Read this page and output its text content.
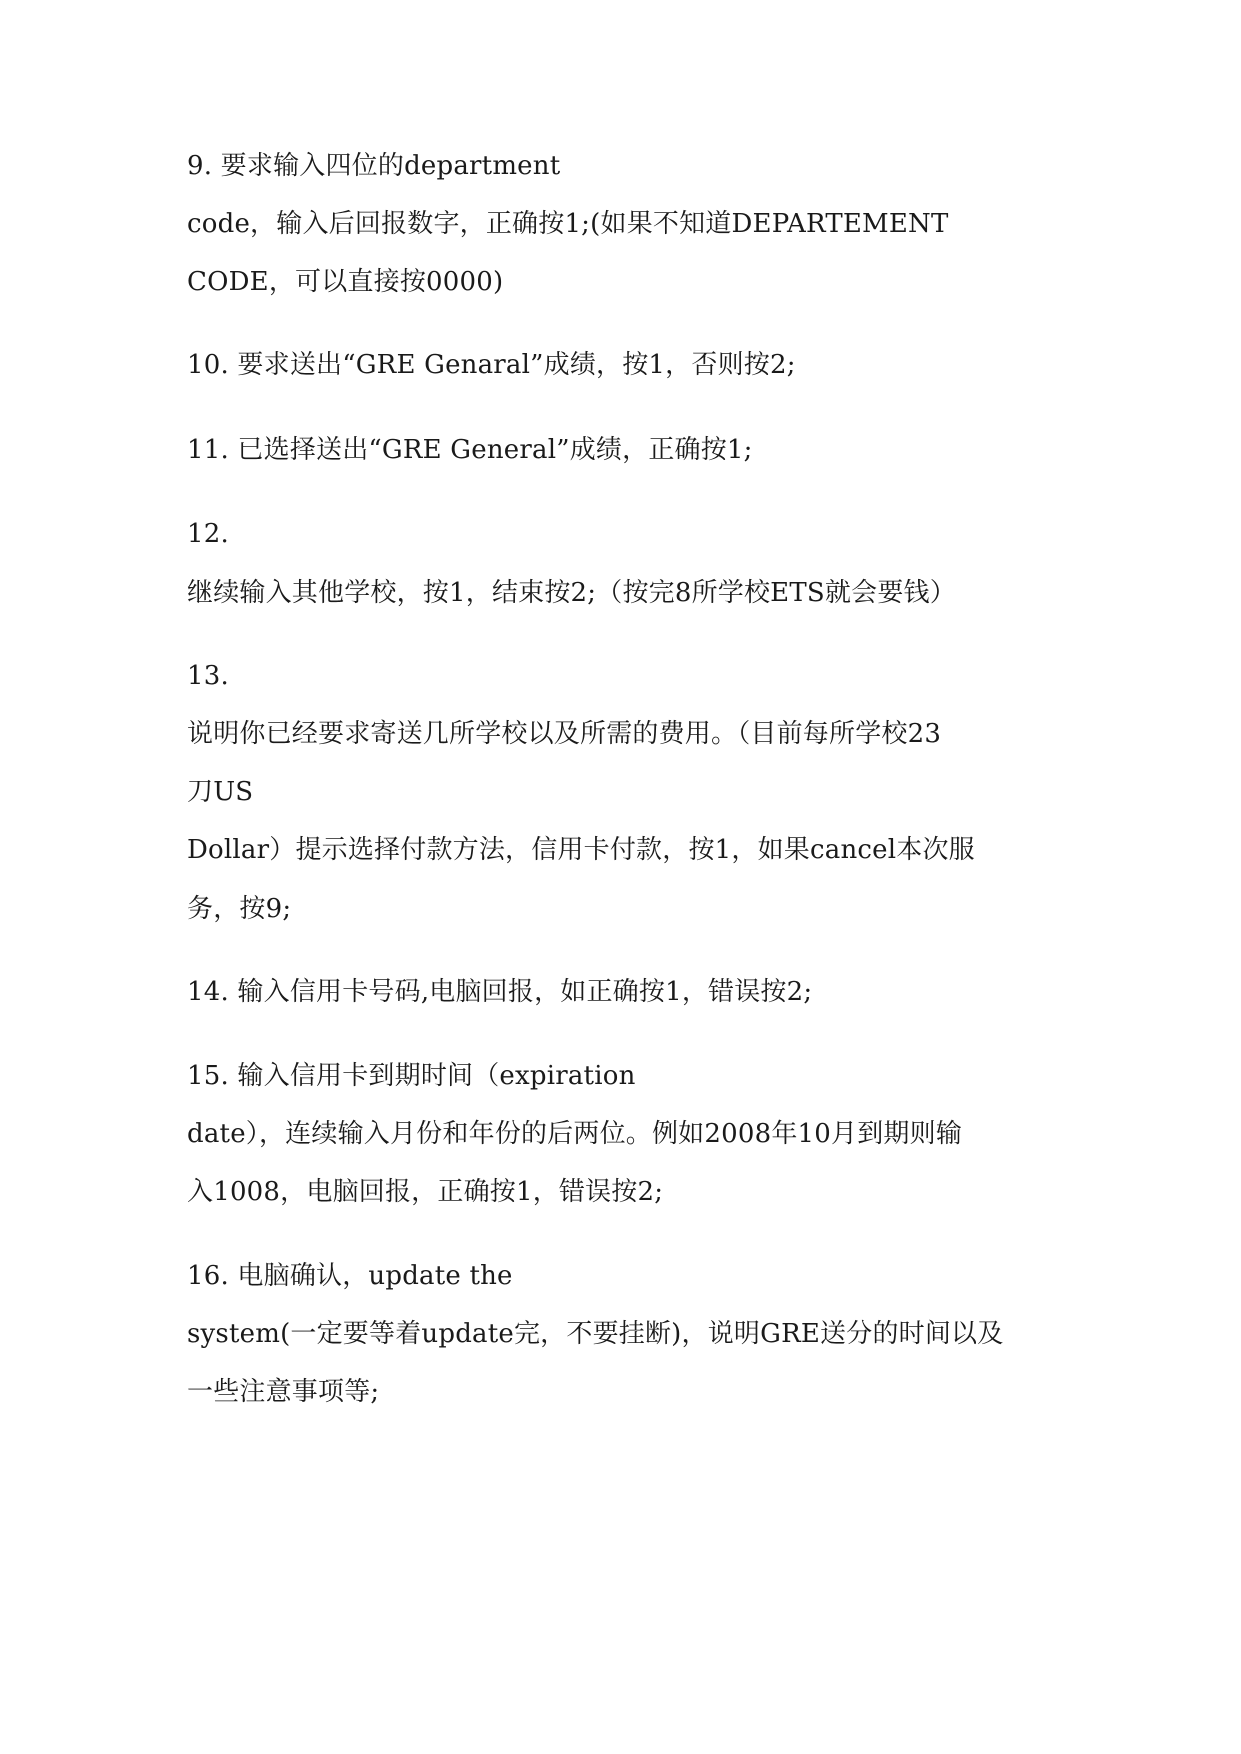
9. 要求输入四位的department

code，输入后回报数字，正确按1;(如果不知道DEPARTEMENT

CODE，可以直接按0000)

10. 要求送出“GRE Genaral”成绩，按1，否则按2;

11. 已选择送出“GRE General”成绩，正确按1;

12.

继续输入其他学校，按1，结束按2;（按完8所学校ETS就会要钱）

13.

说明你已经要求寄送几所学校以及所需的费用。（目前每所学校23

刀US

Dollar）提示选择付款方法，信用卡付款，按1，如果cancel本次服

务，按9;

14. 输入信用卡号码,电脑回报，如正确按1，错误按2;

15. 输入信用卡到期时间（expiration

date），连续输入月份和年份的后两位。例如2008年10月到期则输

入1008，电脑回报，正确按1，错误按2;

16. 电脑确认，update the

system(一定要等着update完，不要挂断)，说明GRE送分的时间以及

一些注意事项等;
